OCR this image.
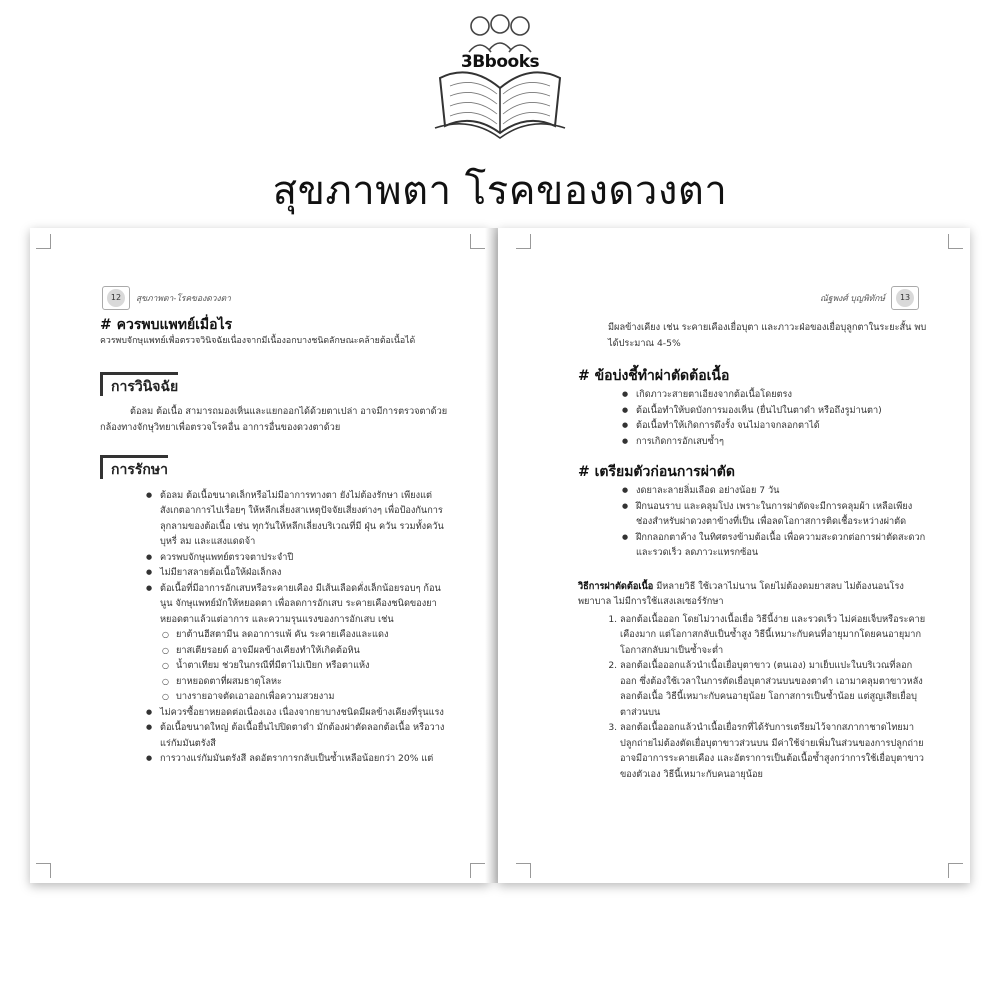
3Bbooks
สุขภาพตา โรคของดวงตา
12	สุขภาพตา-โรคของดวงตา
# ควรพบแพทย์เมื่อไร

ควรพบจักษุแพทย์เพื่อตรวจวินิจฉัยเนื่องจากมีเนื้องอกบางชนิดลักษณะคล้ายต้อเนื้อได้

การวินิจฉัย

ต้อลม ต้อเนื้อ สามารถมองเห็นและแยกออกได้ด้วยตาเปล่า อาจมีการตรวจตาด้วยกล้องทางจักษุวิทยาเพื่อตรวจโรคอื่น อาการอื่นของดวงตาด้วย

การรักษา
● ต้อลม ต้อเนื้อขนาดเล็กหรือไม่มีอาการทางตา ยังไม่ต้องรักษา เพียงแต่สังเกตอาการไปเรื่อยๆ ให้หลีกเลี่ยงสาเหตุปัจจัยเสี่ยงต่างๆ เพื่อป้องกันการลุกลามของต้อเนื้อ เช่น ทุกวันให้หลีกเลี่ยงบริเวณที่มี ฝุ่น ควัน รวมทั้งควันบุหรี่ ลม และแสงแดดจ้า
● ควรพบจักษุแพทย์ตรวจตาประจำปี
● ไม่มียาสลายต้อเนื้อให้ฝ่อเล็กลง
● ต้อเนื้อที่มีอาการอักเสบหรือระคายเคือง มีเส้นเลือดคั่งเล็กน้อยรอบๆ ก้อนนูน จักษุแพทย์มักให้หยอดตา เพื่อลดการอักเสบ ระคายเคืองชนิดของยาหยอดตาแล้วแต่อาการ และความรุนแรงของการอักเสบ เช่น
○ ยาต้านฮีสตามีน ลดอาการแพ้ คัน ระคายเคืองและแดง
○ ยาสเตียรอยด์ อาจมีผลข้างเคียงทำให้เกิดต้อหิน
○ น้ำตาเทียม ช่วยในกรณีที่มีตาไม่เปียก หรือตาแห้ง
○ ยาหยอดตาที่ผสมธาตุโลหะ
○ บางรายอาจตัดเอาออกเพื่อความสวยงาม
● ไม่ควรซื้อยาหยอดต่อเนื่องเอง เนื่องจากยาบางชนิดมีผลข้างเคียงที่รุนแรง
● ต้อเนื้อขนาดใหญ่ ต้อเนื้อยื่นไปปิดตาดำ มักต้องผ่าตัดลอกต้อเนื้อ หรือวางแร่กัมมันตรังสี
● การวางแร่กัมมันตรังสี ลดอัตราการกลับเป็นซ้ำเหลือน้อยกว่า 20% แต่
ณัฐพงศ์ บุญพิทักษ์	13

มีผลข้างเคียง เช่น ระคายเคืองเยื่อบุตา และภาวะฝ่อของเยื่อบุลูกตาในระยะสั้น พบได้ประมาณ 4-5%

# ข้อบ่งชี้ทำผ่าตัดต้อเนื้อ
● เกิดภาวะสายตาเอียงจากต้อเนื้อโดยตรง
● ต้อเนื้อทำให้บดบังการมองเห็น (ยื่นไปในตาดำ หรือถึงรูม่านตา)
● ต้อเนื้อทำให้เกิดการดึงรั้ง จนไม่อาจกลอกตาได้
● การเกิดการอักเสบซ้ำๆ
# เตรียมตัวก่อนการผ่าตัด
● งดยาละลายลิ่มเลือด อย่างน้อย 7 วัน
● ฝึกนอนราบ และคลุมโปง เพราะในการผ่าตัดจะมีการคลุมผ้า เหลือเพียงช่องสำหรับผ่าดวงตาข้างที่เป็น เพื่อลดโอกาสการติดเชื้อระหว่างผ่าตัด
● ฝึกกลอกตาค้าง ในทิศตรงข้ามต้อเนื้อ เพื่อความสะดวกต่อการผ่าตัดสะดวกและรวดเร็ว ลดภาวะแทรกซ้อน

วิธีการผ่าตัดต้อเนื้อ มีหลายวิธี ใช้เวลาไม่นาน โดยไม่ต้องดมยาสลบ ไม่ต้องนอนโรงพยาบาล ไม่มีการใช้แสงเลเซอร์รักษา

1. ลอกต้อเนื้อออก โดยไม่วางเนื้อเยื่อ วิธีนี้ง่าย และรวดเร็ว ไม่ค่อยเจ็บหรือระคายเคืองมาก แต่โอกาสกลับเป็นซ้ำสูง วิธีนี้เหมาะกับคนที่อายุมากโดยคนอายุมากโอกาสกลับมาเป็นซ้ำจะต่ำ
2. ลอกต้อเนื้อออกแล้วนำเนื้อเยื่อบุตาขาว (ตนเอง) มาเย็บแปะในบริเวณที่ลอกออก ซึ่งต้องใช้เวลาในการตัดเยื่อบุตาส่วนบนของตาดำ เอามาคลุมตาขาวหลังลอกต้อเนื้อ วิธีนี้เหมาะกับคนอายุน้อย โอกาสการเป็นซ้ำน้อย แต่สูญเสียเยื่อบุตาส่วนบน
3. ลอกต้อเนื้อออกแล้วนำเนื้อเยื่อรกที่ได้รับการเตรียมไว้จากสภากาชาดไทยมาปลูกถ่ายไม่ต้องตัดเยื่อบุตาขาวส่วนบน มีค่าใช้จ่ายเพิ่มในส่วนของการปลูกถ่าย อาจมีอาการระคายเคือง และอัตราการเป็นต้อเนื้อซ้ำสูงกว่าการใช้เยื่อบุตาขาวของตัวเอง วิธีนี้เหมาะกับคนอายุน้อย
